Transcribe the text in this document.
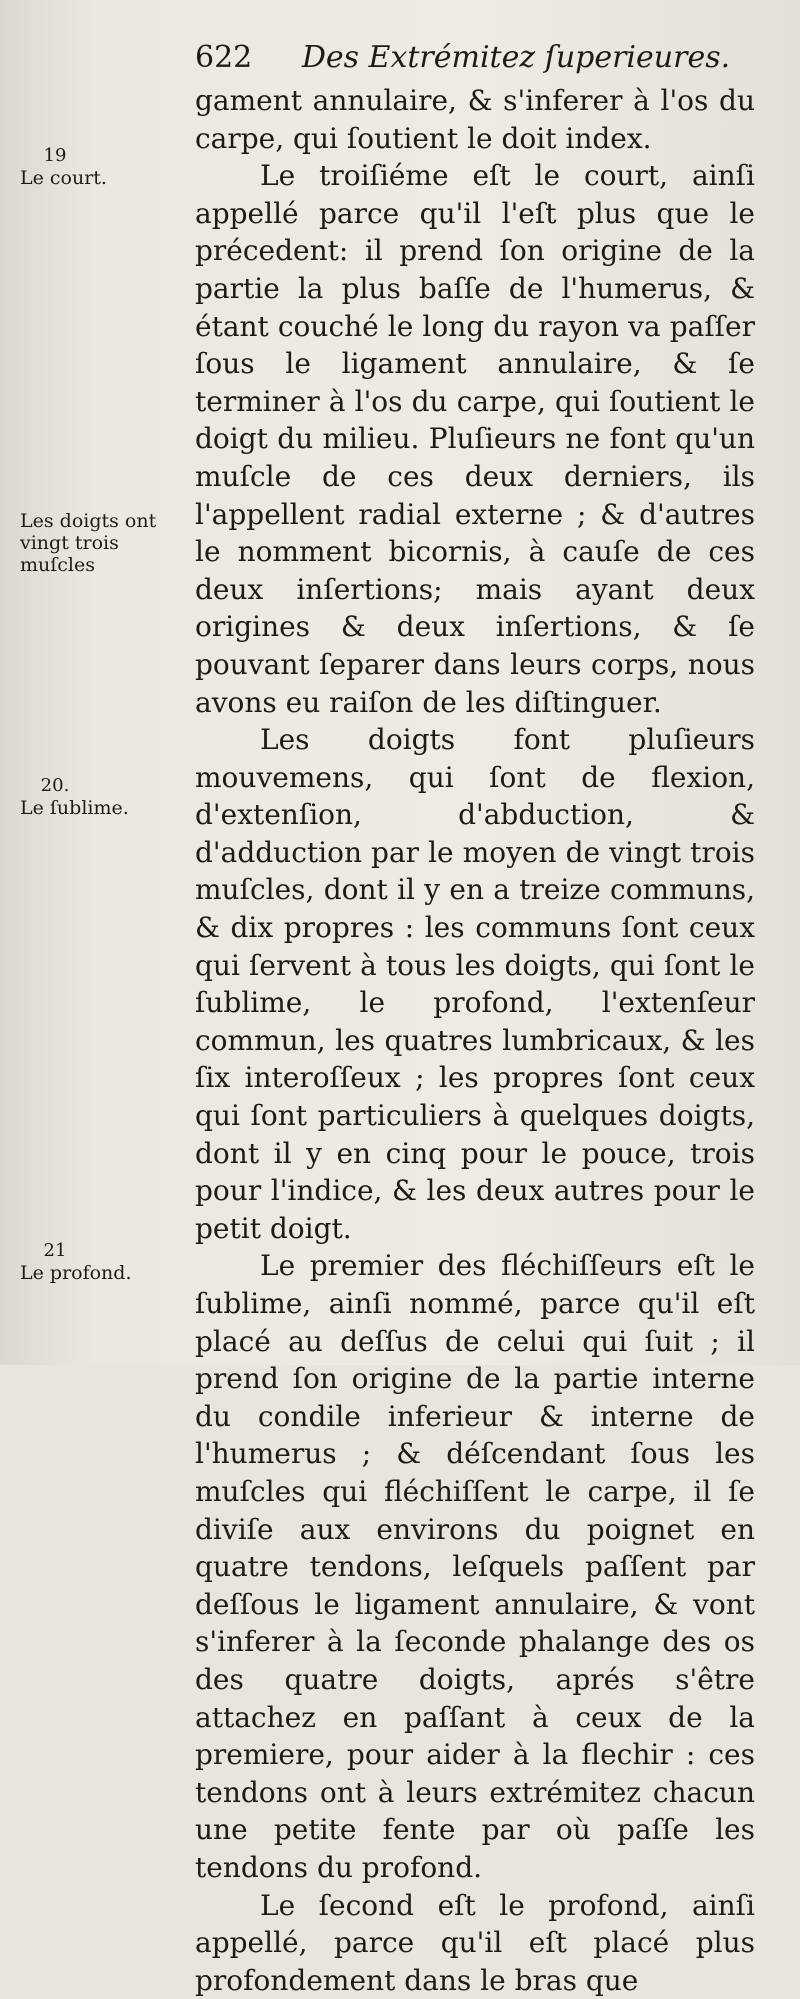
622 Des Extrémitez ſuperieures.
19
Le court.
Les doigts ont vingt trois muſcles
20.
Le ſublime.
21
Le profond.

gament annulaire, & s'inferer à l'os du carpe, qui ſoutient le doit index.

Le troiſiéme eſt le court, ainſi appellé parce qu'il l'eſt plus que le précedent: il prend ſon origine de la partie la plus baſſe de l'humerus, & étant couché le long du rayon va paſſer ſous le ligament annulaire, & ſe terminer à l'os du carpe, qui ſoutient le doigt du milieu. Pluſieurs ne font qu'un muſcle de ces deux derniers, ils l'appellent radial externe ; & d'autres le nomment bicornis, à cauſe de ces deux inſertions; mais ayant deux origines & deux inſertions, & ſe pouvant ſeparer dans leurs corps, nous avons eu raiſon de les diſtinguer.

Les doigts font pluſieurs mouvemens, qui ſont de flexion, d'extenſion, d'abduction, & d'adduction par le moyen de vingt trois muſcles, dont il y en a treize communs, & dix propres : les communs ſont ceux qui ſervent à tous les doigts, qui ſont le ſublime, le profond, l'extenſeur commun, les quatres lumbricaux, & les ſix interoſſeux ; les propres ſont ceux qui ſont particuliers à quelques doigts, dont il y en cinq pour le pouce, trois pour l'indice, & les deux autres pour le petit doigt.

Le premier des fléchiſſeurs eſt le ſublime, ainſi nommé, parce qu'il eſt placé au deſſus de celui qui ſuit ; il prend ſon origine de la partie interne du condile inferieur & interne de l'humerus ; & déſcendant ſous les muſcles qui fléchiſſent le carpe, il ſe diviſe aux environs du poignet en quatre tendons, leſquels paſſent par deſſous le ligament annulaire, & vont s'inferer à la ſeconde phalange des os des quatre doigts, aprés s'être attachez en paſſant à ceux de la premiere, pour aider à la flechir : ces tendons ont à leurs extrémitez chacun une petite fente par où paſſe les tendons du profond.

Le ſecond eſt le profond, ainſi appellé, parce qu'il eſt placé plus profondement dans le bras que
